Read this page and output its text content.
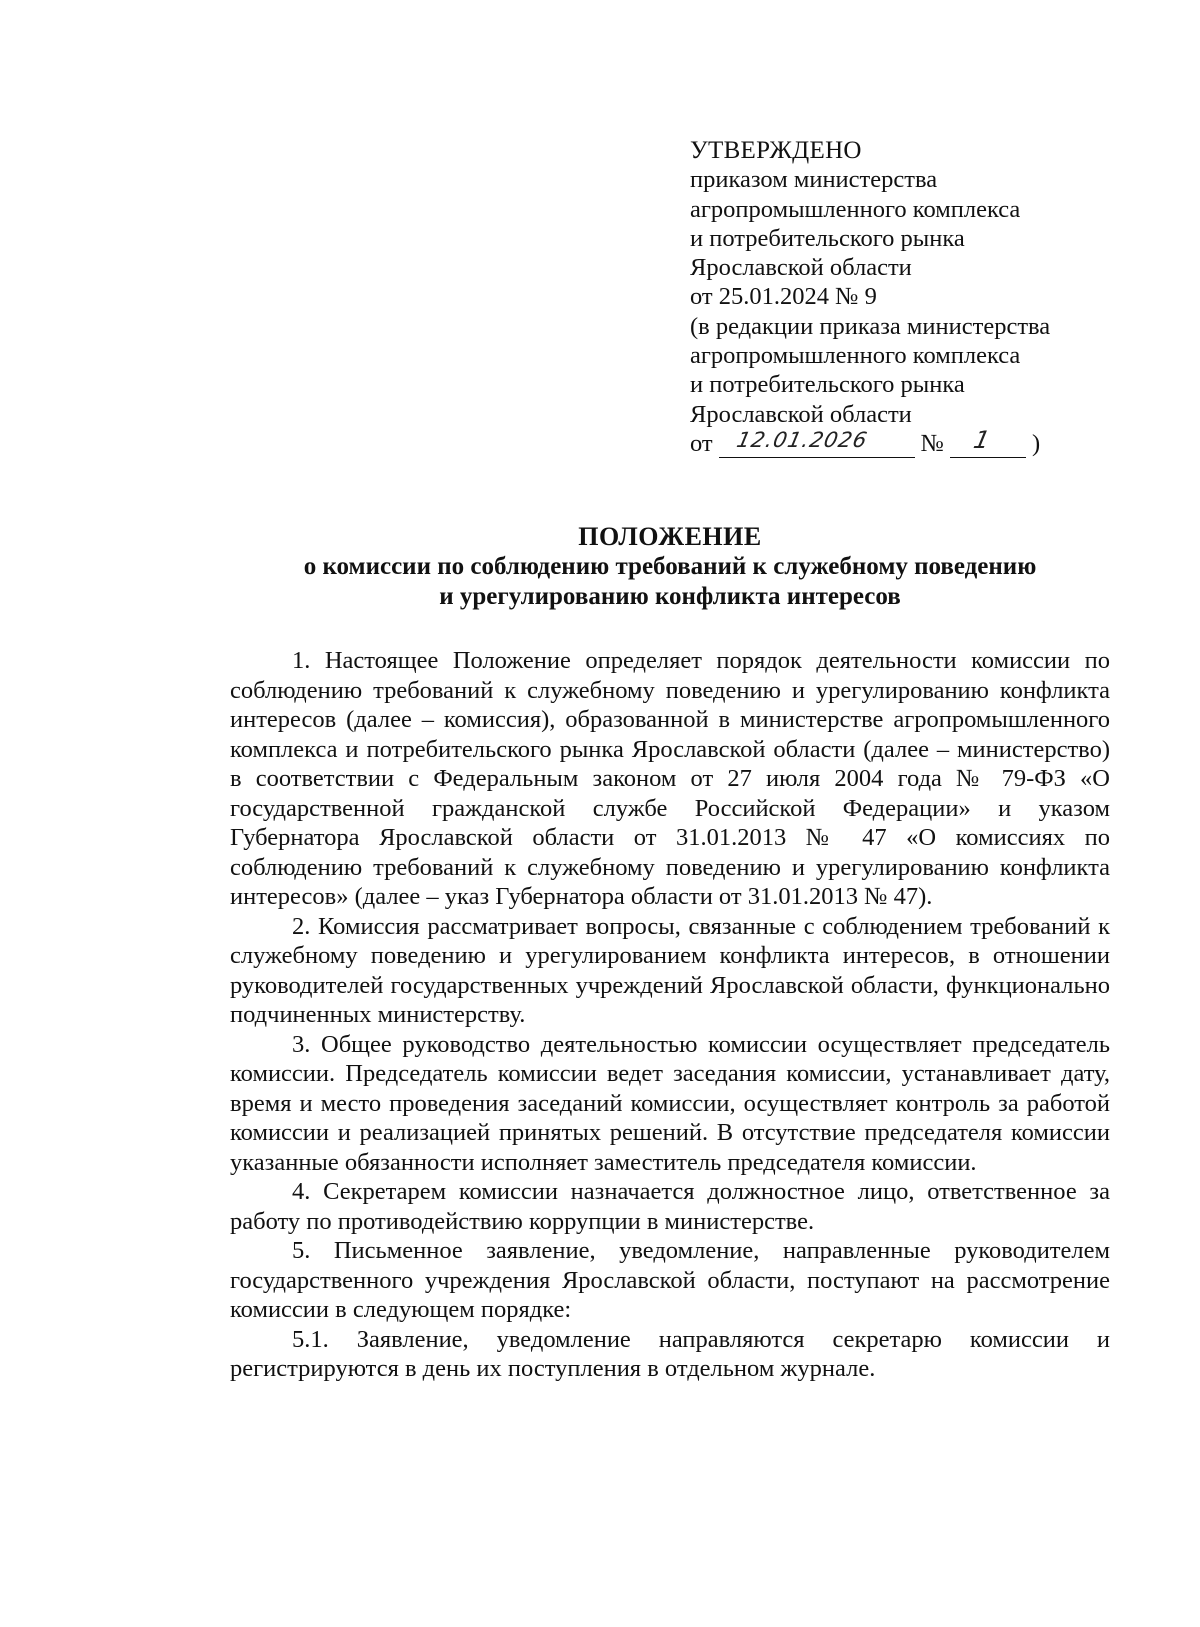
УТВЕРЖДЕНО
приказом министерства
агропромышленного комплекса
и потребительского рынка
Ярославской области
от 25.01.2024 № 9
(в редакции приказа министерства
агропромышленного комплекса
и потребительского рынка
Ярославской области
от 12.01.2026 № 1 )
ПОЛОЖЕНИЕ
о комиссии по соблюдению требований к служебному поведению
и урегулированию конфликта интересов

1. Настоящее Положение определяет порядок деятельности комиссии по соблюдению требований к служебному поведению и урегулированию конфликта интересов (далее – комиссия), образованной в министерстве агропромышленного комплекса и потребительского рынка Ярославской области (далее – министерство) в соответствии с Федеральным законом от 27 июля 2004 года № 79-ФЗ «О государственной гражданской службе Российской Федерации» и указом Губернатора Ярославской области от 31.01.2013 № 47 «О комиссиях по соблюдению требований к служебному поведению и урегулированию конфликта интересов» (далее – указ Губернатора области от 31.01.2013 № 47).

2. Комиссия рассматривает вопросы, связанные с соблюдением требований к служебному поведению и урегулированием конфликта интересов, в отношении руководителей государственных учреждений Ярославской области, функционально подчиненных министерству.

3. Общее руководство деятельностью комиссии осуществляет председатель комиссии. Председатель комиссии ведет заседания комиссии, устанавливает дату, время и место проведения заседаний комиссии, осуществляет контроль за работой комиссии и реализацией принятых решений. В отсутствие председателя комиссии указанные обязанности исполняет заместитель председателя комиссии.

4. Секретарем комиссии назначается должностное лицо, ответственное за работу по противодействию коррупции в министерстве.

5. Письменное заявление, уведомление, направленные руководителем государственного учреждения Ярославской области, поступают на рассмотрение комиссии в следующем порядке:

5.1. Заявление, уведомление направляются секретарю комиссии и регистрируются в день их поступления в отдельном журнале.
